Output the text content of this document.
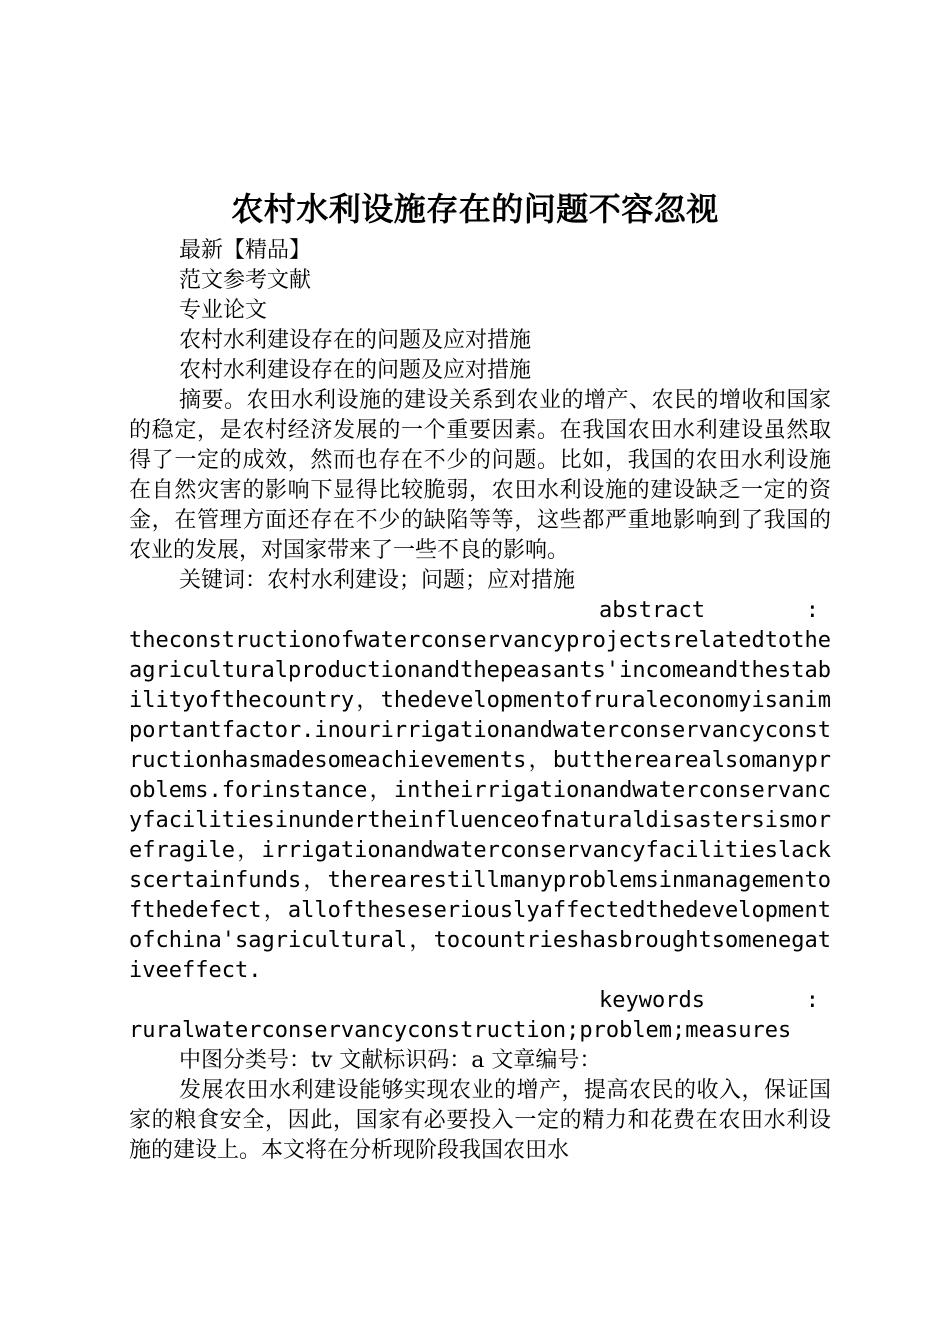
农村水利设施存在的问题不容忽视

最新【精品】

范文参考文献

专业论文

农村水利建设存在的问题及应对措施

农村水利建设存在的问题及应对措施

摘要。农田水利设施的建设关系到农业的增产、农民的增收和国家的稳定，是农村经济发展的一个重要因素。在我国农田水利建设虽然取得了一定的成效，然而也存在不少的问题。比如，我国的农田水利设施在自然灾害的影响下显得比较脆弱，农田水利设施的建设缺乏一定的资金，在管理方面还存在不少的缺陷等等，这些都严重地影响到了我国的农业的发展，对国家带来了一些不良的影响。

关键词：农村水利建设；问题；应对措施

abstract	:

theconstructionofwaterconservancyprojectsrelatedtotheagriculturalproductionandthepeasants'incomeandthestabilityofthecountry，thedevelopmentofruraleconomyisanimportantfactor.inourirrigationandwaterconservancyconstructionhasmadesomeachievements，buttherearealsomanyproblems.forinstance，intheirrigationandwaterconservancyfacilitiesinundertheinfluenceofnaturaldisastersismorefragile，irrigationandwaterconservancyfacilitieslackscertainfunds，therearestillmanyproblemsinmanagementofthedefect，alloftheseseriouslyaffectedthedevelopmentofchina'sagricultural，tocountrieshasbroughtsomenegativeeffect.

keywords	:

ruralwaterconservancyconstruction;problem;measures

中图分类号：tv 文献标识码：a 文章编号：

发展农田水利建设能够实现农业的增产，提高农民的收入，保证国家的粮食安全，因此，国家有必要投入一定的精力和花费在农田水利设施的建设上。本文将在分析现阶段我国农田水
